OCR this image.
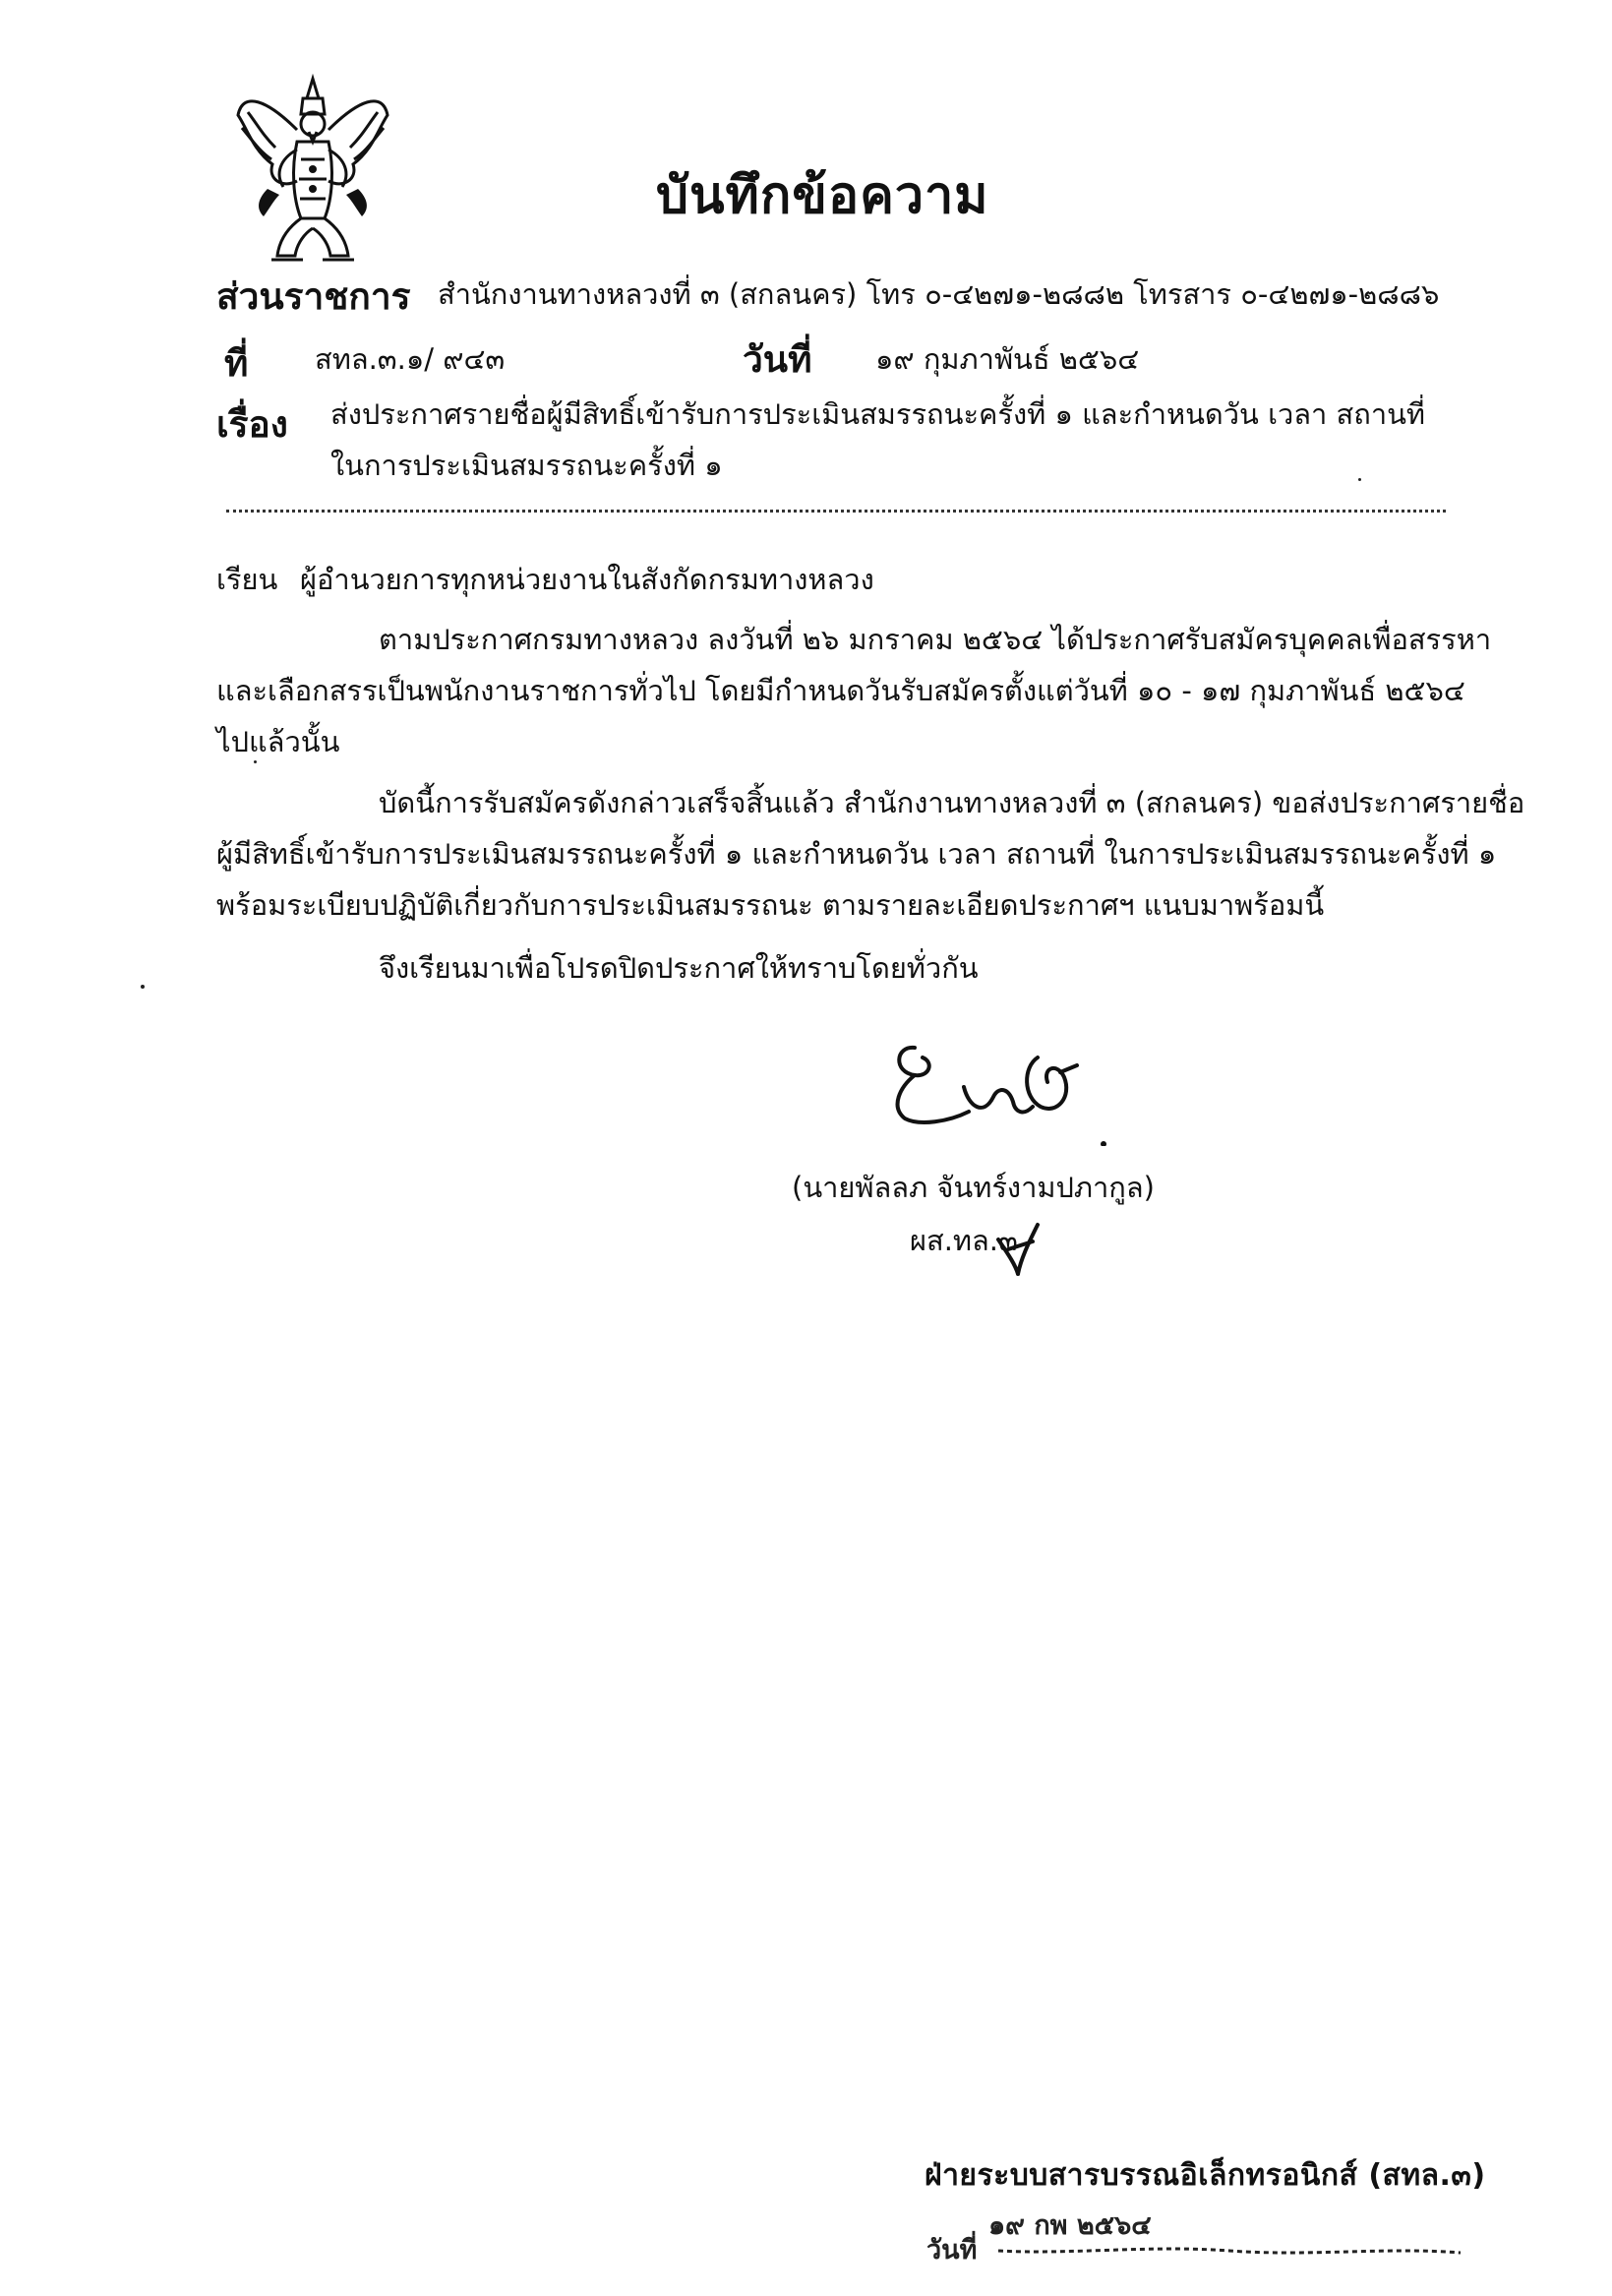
บันทึกข้อความ
ส่วนราชการ สำนักงานทางหลวงที่ ๓ (สกลนคร) โทร ๐-๔๒๗๑-๒๘๘๒ โทรสาร ๐-๔๒๗๑-๒๘๘๖
ที่ สทล.๓.๑/ ๙๔๓	วันที่ ๑๙ กุมภาพันธ์ ๒๕๖๔
เรื่อง ส่งประกาศรายชื่อผู้มีสิทธิ์เข้ารับการประเมินสมรรถนะครั้งที่ ๑ และกำหนดวัน เวลา สถานที่
ในการประเมินสมรรถนะครั้งที่ ๑
เรียน ผู้อำนวยการทุกหน่วยงานในสังกัดกรมทางหลวง
ตามประกาศกรมทางหลวง ลงวันที่ ๒๖ มกราคม ๒๕๖๔ ได้ประกาศรับสมัครบุคคลเพื่อสรรหา
และเลือกสรรเป็นพนักงานราชการทั่วไป โดยมีกำหนดวันรับสมัครตั้งแต่วันที่ ๑๐ - ๑๗ กุมภาพันธ์ ๒๕๖๔
ไปแล้วนั้น
บัดนี้การรับสมัครดังกล่าวเสร็จสิ้นแล้ว สำนักงานทางหลวงที่ ๓ (สกลนคร) ขอส่งประกาศรายชื่อ
ผู้มีสิทธิ์เข้ารับการประเมินสมรรถนะครั้งที่ ๑ และกำหนดวัน เวลา สถานที่ ในการประเมินสมรรถนะครั้งที่ ๑
พร้อมระเบียบปฏิบัติเกี่ยวกับการประเมินสมรรถนะ ตามรายละเอียดประกาศฯ แนบมาพร้อมนี้
จึงเรียนมาเพื่อโปรดปิดประกาศให้ทราบโดยทั่วกัน
(นายพัลลภ จันทร์งามปภากูล)
ผส.ทล.๓
ฝ่ายระบบสารบรรณอิเล็กทรอนิกส์ (สทล.๓)
๑๙ กพ ๒๕๖๔
วันที่
